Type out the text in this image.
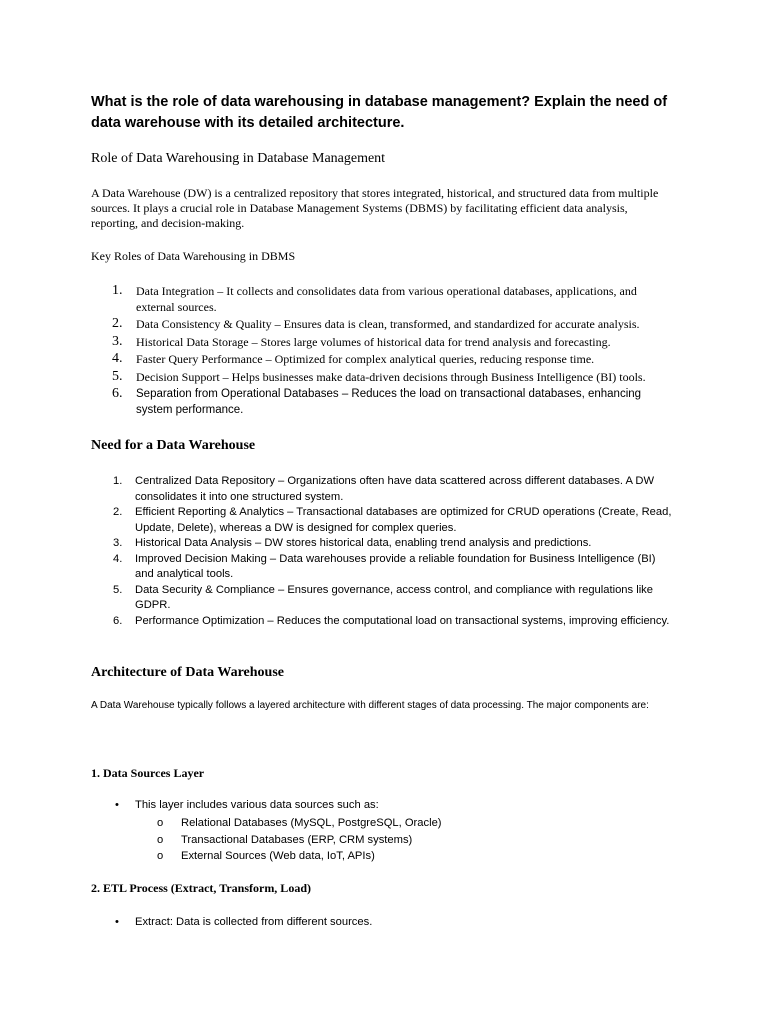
What is the role of data warehousing in database management? Explain the need of data warehouse with its detailed architecture.
Role of Data Warehousing in Database Management
A Data Warehouse (DW) is a centralized repository that stores integrated, historical, and structured data from multiple sources. It plays a crucial role in Database Management Systems (DBMS) by facilitating efficient data analysis, reporting, and decision-making.
Key Roles of Data Warehousing in DBMS
1. Data Integration – It collects and consolidates data from various operational databases, applications, and external sources.
2. Data Consistency & Quality – Ensures data is clean, transformed, and standardized for accurate analysis.
3. Historical Data Storage – Stores large volumes of historical data for trend analysis and forecasting.
4. Faster Query Performance – Optimized for complex analytical queries, reducing response time.
5. Decision Support – Helps businesses make data-driven decisions through Business Intelligence (BI) tools.
6. Separation from Operational Databases – Reduces the load on transactional databases, enhancing system performance.
Need for a Data Warehouse
1. Centralized Data Repository – Organizations often have data scattered across different databases. A DW consolidates it into one structured system.
2. Efficient Reporting & Analytics – Transactional databases are optimized for CRUD operations (Create, Read, Update, Delete), whereas a DW is designed for complex queries.
3. Historical Data Analysis – DW stores historical data, enabling trend analysis and predictions.
4. Improved Decision Making – Data warehouses provide a reliable foundation for Business Intelligence (BI) and analytical tools.
5. Data Security & Compliance – Ensures governance, access control, and compliance with regulations like GDPR.
6. Performance Optimization – Reduces the computational load on transactional systems, improving efficiency.
Architecture of Data Warehouse
A Data Warehouse typically follows a layered architecture with different stages of data processing. The major components are:
1. Data Sources Layer
• This layer includes various data sources such as:
o Relational Databases (MySQL, PostgreSQL, Oracle)
o Transactional Databases (ERP, CRM systems)
o External Sources (Web data, IoT, APIs)
2. ETL Process (Extract, Transform, Load)
• Extract: Data is collected from different sources.
